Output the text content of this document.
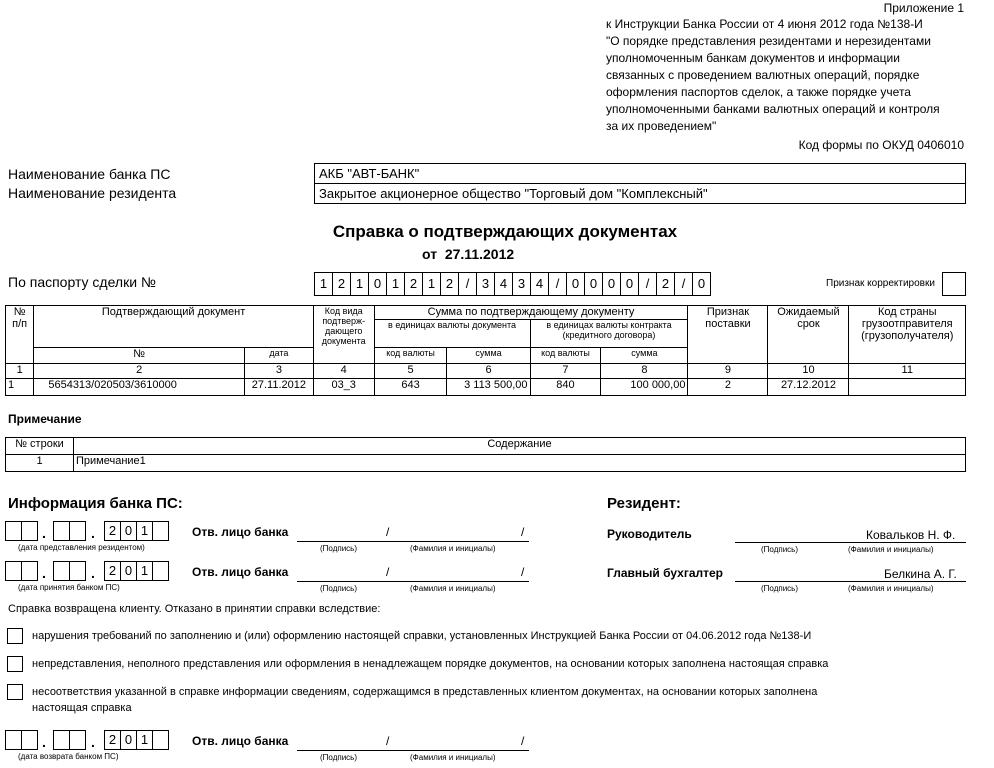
Приложение 1
к Инструкции Банка России от 4 июня 2012 года №138-И
"О порядке представления резидентами и нерезидентами
уполномоченным банкам документов и информации
связанных с проведением валютных операций, порядке
оформления паспортов сделок, а также порядке учета
уполномоченными банками валютных операций и контроля
за их проведением"
Код формы по ОКУД 0406010
Наименование банка ПС	АКБ "АВТ-БАНК"
Наименование резидента	Закрытое акционерное общество "Торговый дом "Комплексный"
Справка о подтверждающих документах
от 27.11.2012
По паспорту сделки №	1 2 1 0 1 2 1 2 / 3 4 3 4 / 0 0 0 0 / 2 / 0	Признак корректировки
№ п/п	Подтверждающий документ		Код вида подтверж-дающего документа	Сумма по подтверждающему документу				Признак поставки	Ожидаемый срок	Код страны грузоотправителя (грузополучателя)
				в единицах валюты документа		в единицах валюты контракта (кредитного договора)				
	№	дата		код валюты	сумма	код валюты	сумма			
1	2	3	4	5	6	7	8	9	10	11
1	5654313/020503/3610000	27.11.2012	03_3	643	3 113 500,00	840	100 000,00	2	27.12.2012	
Примечание
№ строки	Содержание
1	Примечание1
Информация банка ПС:	Резидент:
.	.	2 0 1
(дата представления резидентом)
Отв. лицо банка	/	/
(Подпись)	(Фамилия и инициалы)
.	.	2 0 1
(дата принятия банком ПС)
Отв. лицо банка	/	/
(Подпись)	(Фамилия и инициалы)
.	.	2 0 1
(дата возврата банком ПС)
Отв. лицо банка	/	/
(Подпись)	(Фамилия и инициалы)
Руководитель	Ковальков Н. Ф.
(Подпись)	(Фамилия и инициалы)
Главный бухгалтер	Белкина А. Г.
(Подпись)	(Фамилия и инициалы)
Справка возвращена клиенту. Отказано в принятии справки вследствие:
нарушения требований по заполнению и (или) оформлению настоящей справки, установленных Инструкцией Банка России от 04.06.2012 года №138-И
непредставления, неполного представления или оформления в ненадлежащем порядке документов, на основании которых заполнена настоящая справка
несоответствия указанной в справке информации сведениям, содержащимся в представленных клиентом документах, на основании которых заполнена
настоящая справка
